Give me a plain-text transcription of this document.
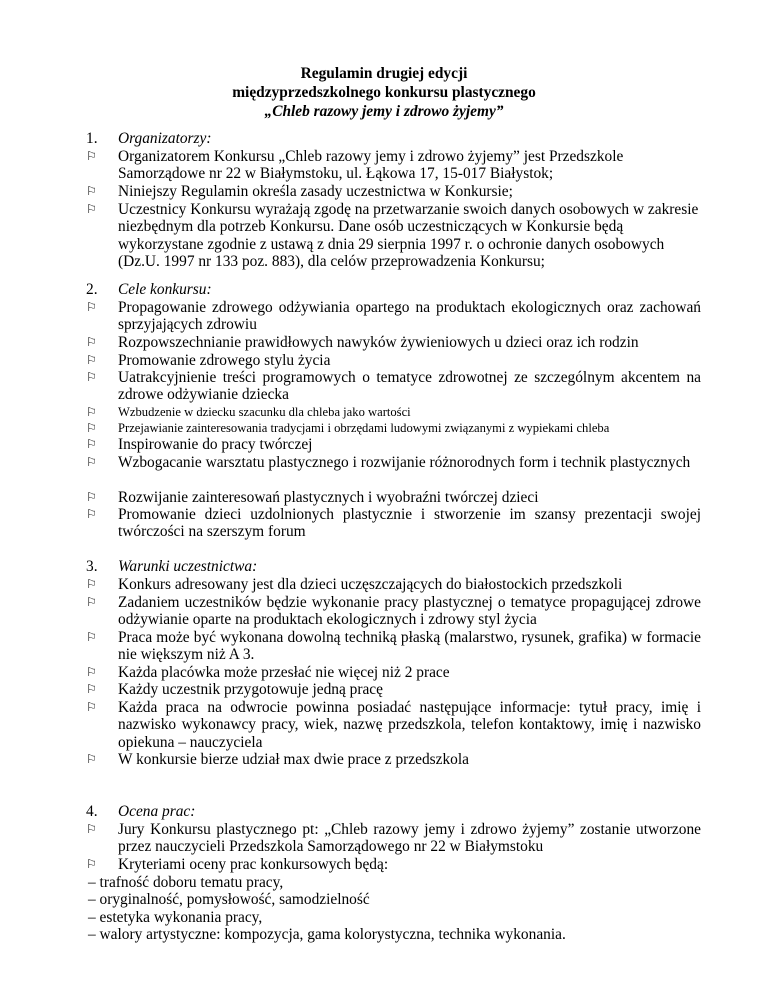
Regulamin drugiej edycji
międzyprzedszkolnego konkursu plastycznego
„Chleb razowy jemy i zdrowo żyjemy”
1. Organizatorzy:
⚐	Organizatorem Konkursu „Chleb razowy jemy i zdrowo żyjemy” jest Przedszkole Samorządowe nr 22 w Białymstoku, ul. Łąkowa 17, 15-017 Białystok;
⚐	Niniejszy Regulamin określa zasady uczestnictwa w Konkursie;
⚐	Uczestnicy Konkursu wyrażają zgodę na przetwarzanie swoich danych osobowych w zakresie niezbędnym dla potrzeb Konkursu. Dane osób uczestniczących w Konkursie będą wykorzystane zgodnie z ustawą z dnia 29 sierpnia 1997 r. o ochronie danych osobowych (Dz.U. 1997 nr 133 poz. 883), dla celów przeprowadzenia Konkursu;
2. Cele konkursu:
⚐	Propagowanie zdrowego odżywiania opartego na produktach ekologicznych oraz zachowań sprzyjających zdrowiu
⚐	Rozpowszechnianie prawidłowych nawyków żywieniowych u dzieci oraz ich rodzin
⚐	Promowanie zdrowego stylu życia
⚐	Uatrakcyjnienie treści programowych o tematyce zdrowotnej ze szczególnym akcentem na zdrowe odżywianie dziecka
⚐	Wzbudzenie w dziecku szacunku dla chleba jako wartości
⚐	Przejawianie zainteresowania tradycjami i obrzędami ludowymi związanymi z wypiekami chleba
⚐	Inspirowanie do pracy twórczej
⚐	Wzbogacanie warsztatu plastycznego i rozwijanie różnorodnych form i technik plastycznych
⚐	Rozwijanie zainteresowań plastycznych i wyobraźni twórczej dzieci
⚐	Promowanie dzieci uzdolnionych plastycznie i stworzenie im szansy prezentacji swojej twórczości na szerszym forum
3. Warunki uczestnictwa:
⚐	Konkurs adresowany jest dla dzieci uczęszczających do białostockich przedszkoli
⚐	Zadaniem uczestników będzie wykonanie pracy plastycznej o tematyce propagującej zdrowe odżywianie oparte na produktach ekologicznych i zdrowy styl życia
⚐	Praca może być wykonana dowolną techniką płaską (malarstwo, rysunek, grafika) w formacie nie większym niż A 3.
⚐	Każda placówka może przesłać nie więcej niż 2 prace
⚐	Każdy uczestnik przygotowuje jedną pracę
⚐	Każda praca na odwrocie powinna posiadać następujące informacje: tytuł pracy, imię i nazwisko wykonawcy pracy, wiek, nazwę przedszkola, telefon kontaktowy, imię i nazwisko opiekuna – nauczyciela
⚐	W konkursie bierze udział max dwie prace z przedszkola
4. Ocena prac:
⚐	Jury Konkursu plastycznego pt: „Chleb razowy jemy i zdrowo żyjemy” zostanie utworzone przez nauczycieli Przedszkola Samorządowego nr 22 w Białymstoku
⚐	Kryteriami oceny prac konkursowych będą:
– trafność doboru tematu pracy,
– oryginalność, pomysłowość, samodzielność
– estetyka wykonania pracy,
– walory artystyczne: kompozycja, gama kolorystyczna, technika wykonania.
